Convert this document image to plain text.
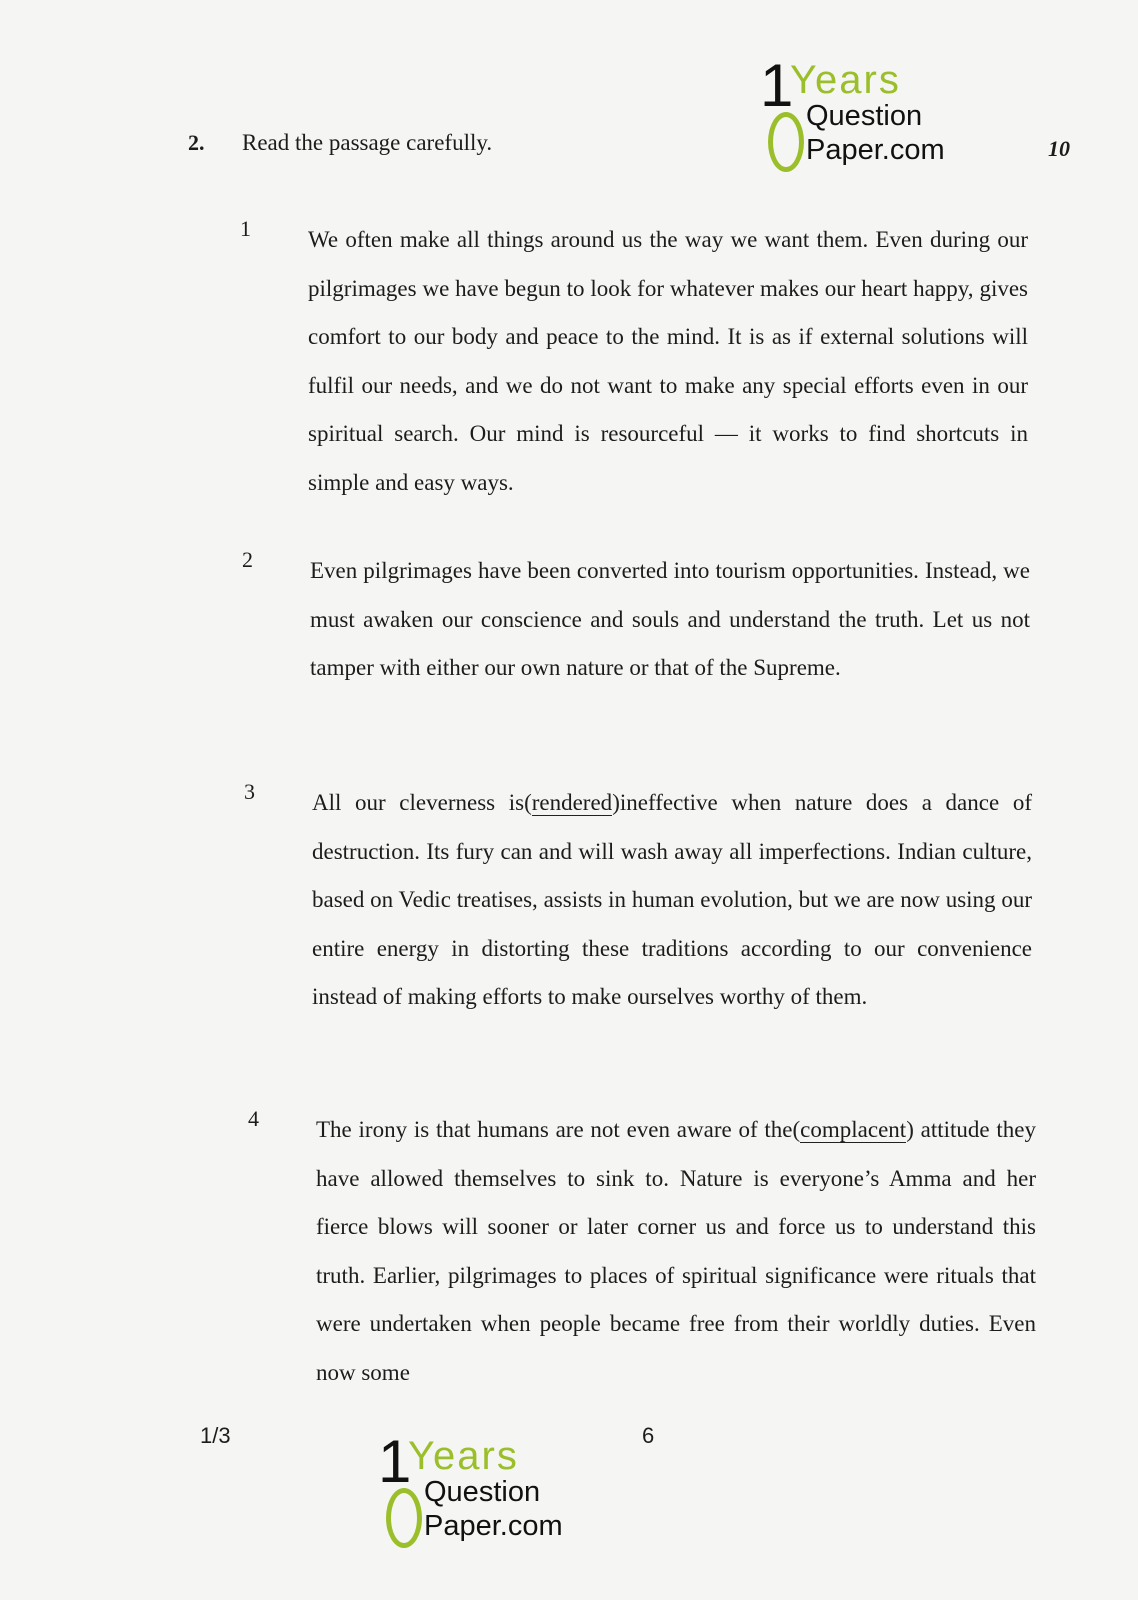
1
Years
Question
Paper.com
2. Read the passage carefully.	10
1 We often make all things around us the way we want them. Even during our pilgrimages we have begun to look for whatever makes our heart happy, gives comfort to our body and peace to the mind. It is as if external solutions will fulfil our needs, and we do not want to make any special efforts even in our spiritual search. Our mind is resourceful — it works to find shortcuts in simple and easy ways.

2 Even pilgrimages have been converted into tourism opportunities. Instead, we must awaken our conscience and souls and understand the truth. Let us not tamper with either our own nature or that of the Supreme.

3 All our cleverness is(rendered)ineffective when nature does a dance of destruction. Its fury can and will wash away all imperfections. Indian culture, based on Vedic treatises, assists in human evolution, but we are now using our entire energy in distorting these traditions according to our convenience instead of making efforts to make ourselves worthy of them.

4 The irony is that humans are not even aware of the(complacent) attitude they have allowed themselves to sink to. Nature is everyone’s Amma and her fierce blows will sooner or later corner us and force us to understand this truth. Earlier, pilgrimages to places of spiritual significance were rituals that were undertaken when people became free from their worldly duties. Even now some

1/3	6
1
Years
Question
Paper.com
